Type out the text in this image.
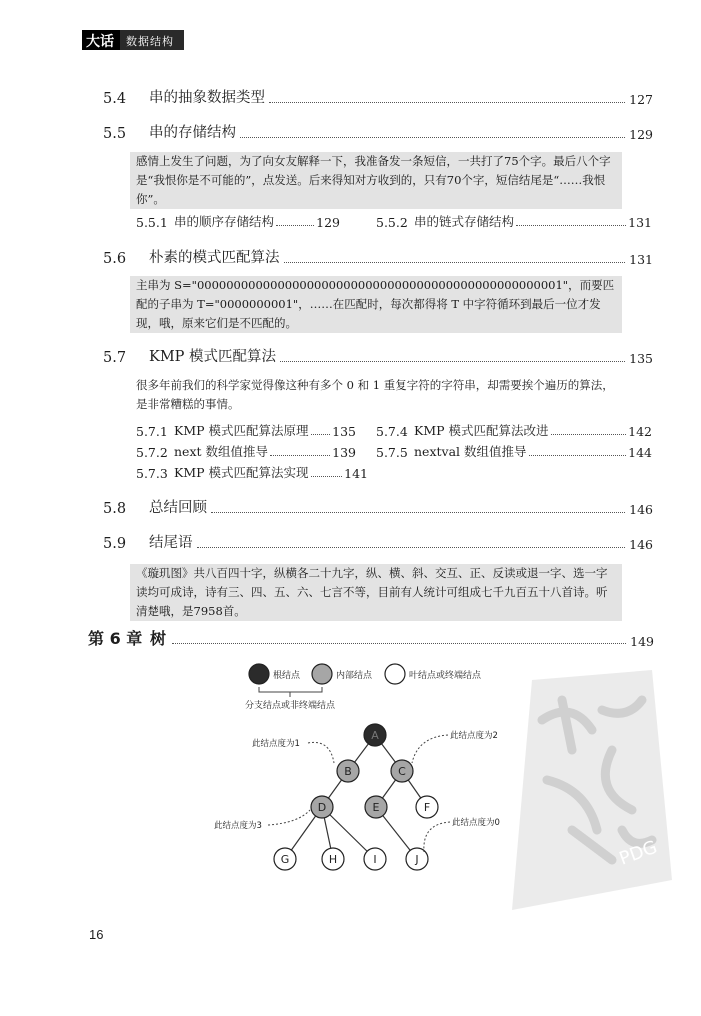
大话	数据结构
5.4	串的抽象数据类型	127
5.5	串的存储结构	129
感情上发生了问题，为了向女友解释一下，我准备发一条短信，一共打了75个字。最后八个字是“我恨你是不可能的”，点发送。后来得知对方收到的，只有70个字，短信结尾是“……我恨你”。
5.5.1 串的顺序存储结构	129	5.5.2 串的链式存储结构	131
5.6	朴素的模式匹配算法	131
主串为 S="00000000000000000000000000000000000000000000000001"，而要匹配的子串为 T="0000000001"，……在匹配时，每次都得将 T 中字符循环到最后一位才发现，哦，原来它们是不匹配的。
5.7	KMP 模式匹配算法	135
很多年前我们的科学家觉得像这种有多个 0 和 1 重复字符的字符串，却需要挨个遍历的算法，是非常糟糕的事情。
5.7.1 KMP 模式匹配算法原理 135 5.7.4 KMP 模式匹配算法改进	142
5.7.2 next 数组值推导	139 5.7.5 nextval 数组值推导	144
5.7.3 KMP 模式匹配算法实现	141
5.8	总结回顾	146
5.9	结尾语	146
《璇玑图》共八百四十字，纵横各二十九字，纵、横、斜、交互、正、反读或退一字、选一字读均可成诗，诗有三、四、五、六、七言不等，目前有人统计可组成七千九百五十八首诗。听清楚哦，是7958首。
第 6 章 树	149
PDG
根结点	内部结点	叶结点或终端结点
分支结点或非终端结点
A
B	C
D	E	F
G	H	I	J
此结点度为1
此结点度为2
此结点度为3	此结点度为0
16
